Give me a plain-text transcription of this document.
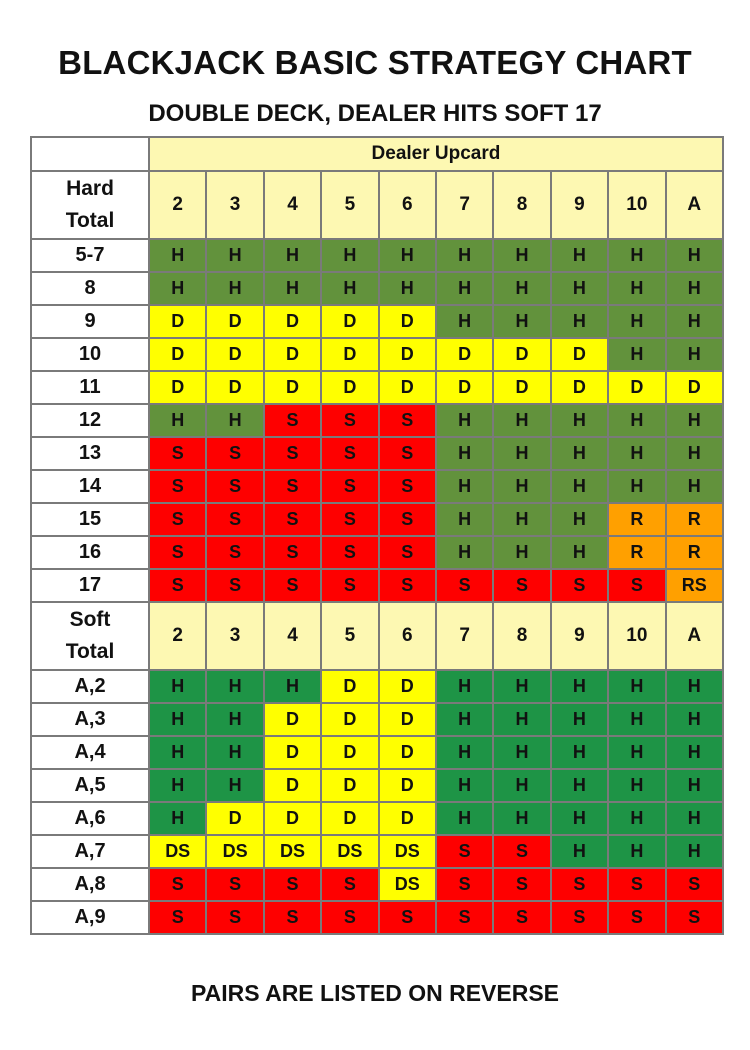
BLACKJACK BASIC STRATEGY CHART
DOUBLE DECK, DEALER HITS SOFT 17
	Dealer Upcard									

Hard
Total	2	3	4	5	6	7	8	9	10	A
5-7	H	H	H	H	H	H	H	H	H	H
8	H	H	H	H	H	H	H	H	H	H
9	D	D	D	D	D	H	H	H	H	H
10	D	D	D	D	D	D	D	D	H	H
11	D	D	D	D	D	D	D	D	D	D
12	H	H	S	S	S	H	H	H	H	H
13	S	S	S	S	S	H	H	H	H	H
14	S	S	S	S	S	H	H	H	H	H
15	S	S	S	S	S	H	H	H	R	R
16	S	S	S	S	S	H	H	H	R	R
17	S	S	S	S	S	S	S	S	S	RS

Soft
Total	2	3	4	5	6	7	8	9	10	A
A,2	H	H	H	D	D	H	H	H	H	H
A,3	H	H	D	D	D	H	H	H	H	H
A,4	H	H	D	D	D	H	H	H	H	H
A,5	H	H	D	D	D	H	H	H	H	H
A,6	H	D	D	D	D	H	H	H	H	H
A,7	DS	DS	DS	DS	DS	S	S	H	H	H
A,8	S	S	S	S	DS	S	S	S	S	S
A,9	S	S	S	S	S	S	S	S	S	S
PAIRS ARE LISTED ON REVERSE
